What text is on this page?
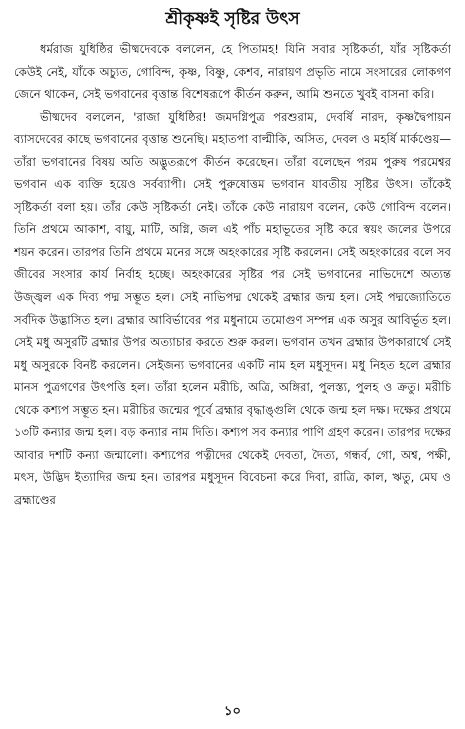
শ্রীকৃষ্ণই সৃষ্টির উৎস

ধর্মরাজ যুধিষ্ঠির ভীষ্মদেবকে বললেন, হে পিতামহ! যিনি সবার সৃষ্টিকর্তা, যাঁর সৃষ্টিকর্তা কেউই নেই, যাঁকে অচ্যুত, গোবিন্দ, কৃষ্ণ, বিষ্ণু, কেশব, নারায়ণ প্রভৃতি নামে সংসারের লোকগণ জেনে থাকেন, সেই ভগবানের বৃত্তান্ত বিশেষরূপে কীর্তন করুন, আমি শুনতে খুবই বাসনা করি।

ভীষ্মদেব বললেন, 'রাজা যুধিষ্ঠির! জমদগ্নিপুত্র পরশুরাম, দেবর্ষি নারদ, কৃষ্ণদ্বৈপায়ন ব্যাসদেবের কাছে ভগবানের বৃত্তান্ত শুনেছি। মহাতপা বাল্মীকি, অসিত, দেবল ও মহর্ষি মার্কণ্ডেয়—তাঁরা ভগবানের বিষয় অতি অদ্ভুতরূপে কীর্তন করেছেন। তাঁরা বলেছেন পরম পুরুষ পরমেশ্বর ভগবান এক ব্যক্তি হয়েও সর্বব্যাপী। সেই পুরুষোত্তম ভগবান যাবতীয় সৃষ্টির উৎস। তাঁকেই সৃষ্টিকর্তা বলা হয়। তাঁর কেউ সৃষ্টিকর্তা নেই। তাঁকে কেউ নারায়ণ বলেন, কেউ গোবিন্দ বলেন। তিনি প্রথমে আকাশ, বায়ু, মাটি, অগ্নি, জল এই পাঁচ মহাভূতের সৃষ্টি করে স্বয়ং জলের উপরে শয়ন করেন। তারপর তিনি প্রথমে মনের সঙ্গে অহংকারের সৃষ্টি করলেন। সেই অহংকারের বলে সব জীবের সংসার কার্য নির্বাহ হচ্ছে। অহংকারের সৃষ্টির পর সেই ভগবানের নাভিদেশে অত্যন্ত উজ্জ্বল এক দিব্য পদ্ম সম্ভূত হল। সেই নাভিপদ্ম থেকেই ব্রহ্মার জন্ম হল। সেই পদ্মজ্যোতিতে সর্বদিক উদ্ভাসিত হল। ব্রহ্মার আবির্ভাবের পর মধুনামে তমোগুণ সম্পন্ন এক অসুর আবির্ভূত হল। সেই মধু অসুরটি ব্রহ্মার উপর অত্যাচার করতে শুরু করল। ভগবান তখন ব্রহ্মার উপকারার্থে সেই মধু অসুরকে বিনষ্ট করলেন। সেইজন্য ভগবানের একটি নাম হল মধুসূদন। মধু নিহত হলে ব্রহ্মার মানস পুত্রগণের উৎপত্তি হল। তাঁরা হলেন মরীচি, অত্রি, অঙ্গিরা, পুলস্ত্য, পুলহ ও ক্রতু। মরীচি থেকে কশ্যপ সম্ভূত হন। মরীচির জন্মের পূর্বে ব্রহ্মার বৃদ্ধাঙ্গুলি থেকে জন্ম হল দক্ষ। দক্ষের প্রথমে ১৩টি কন্যার জন্ম হল। বড় কন্যার নাম দিতি। কশ্যপ সব কন্যার পাণি গ্রহণ করেন। তারপর দক্ষের আবার দশটি কন্যা জন্মালো। কশ্যপের পত্নীদের থেকেই দেবতা, দৈত্য, গন্ধর্ব, গো, অশ্ব, পক্ষী, মৎস, উদ্ভিদ ইত্যাদির জন্ম হন। তারপর মধুসূদন বিবেচনা করে দিবা, রাত্রি, কাল, ঋতু, মেঘ ও ব্রহ্মাণ্ডের

১০
